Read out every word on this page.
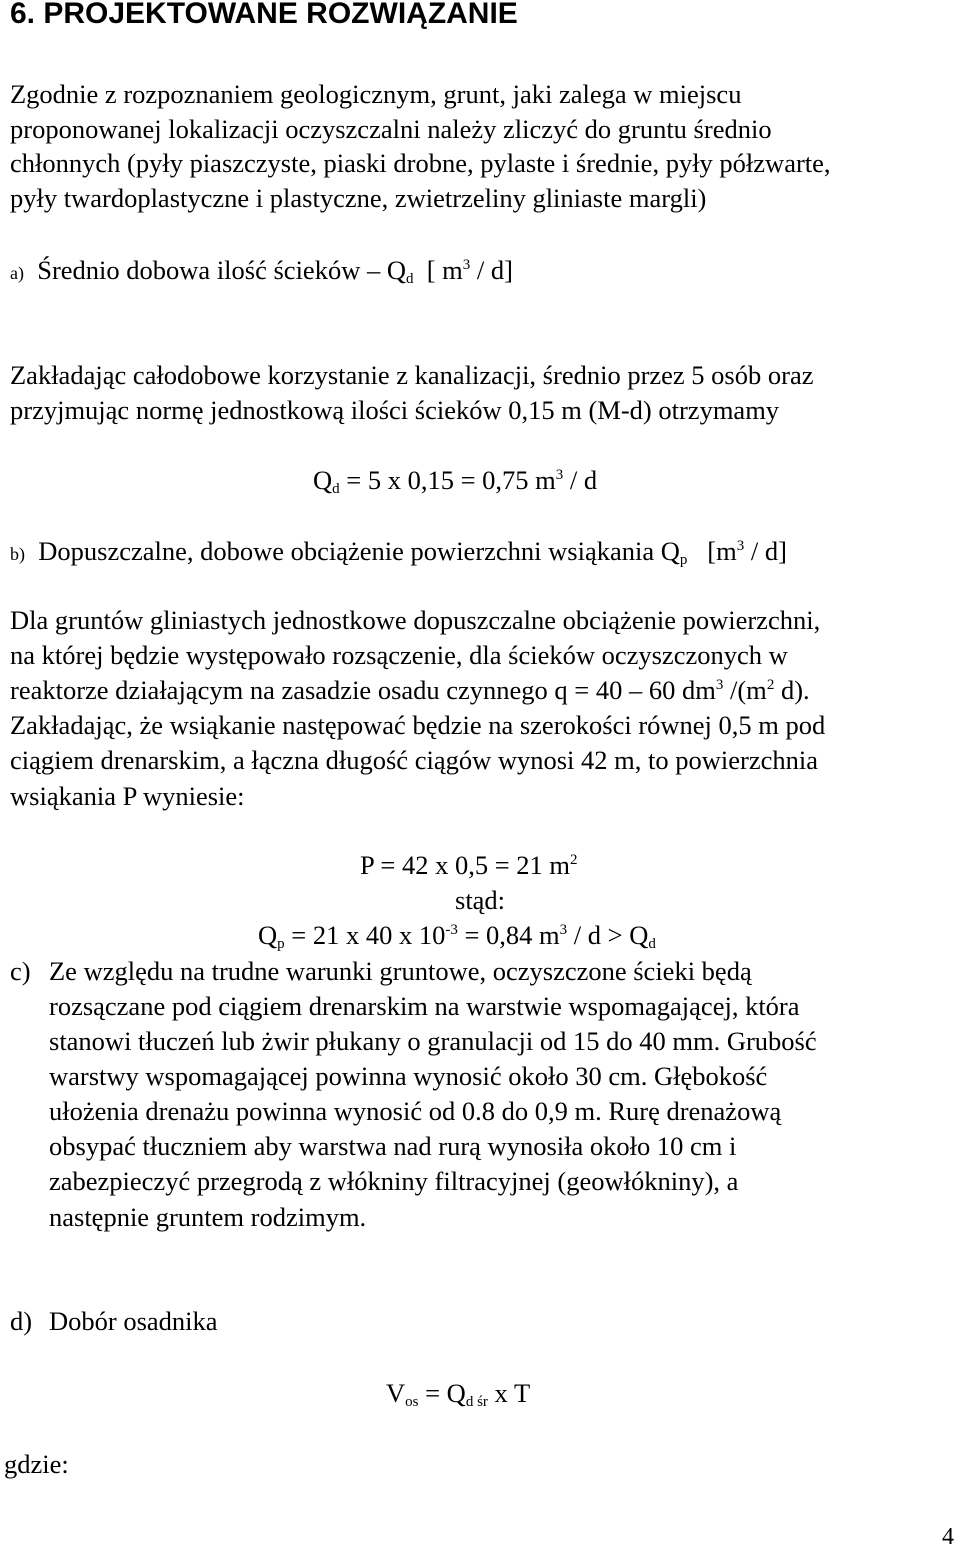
6. PROJEKTOWANE ROZWIĄZANIE
Zgodnie z rozpoznaniem geologicznym, grunt, jaki zalega w miejscu
proponowanej lokalizacji oczyszczalni należy zliczyć do gruntu średnio
chłonnych (pyły piaszczyste, piaski drobne, pylaste i średnie, pyły półzwarte,
pyły twardoplastyczne i plastyczne, zwietrzeliny gliniaste margli)
a) Średnio dobowa ilość ścieków – $Q_d$ [ $m^3 / d$]
Zakładając całodobowe korzystanie z kanalizacji, średnio przez 5 osób oraz
przyjmując normę jednostkową ilości ścieków 0,15 m (M-d) otrzymamy
$Q_d = 5$ x 0,15 = 0,75 $m^3$ / d
b) Dopuszczalne, dobowe obciążenie powierzchni wsiąkania $Q_p$ $[m^3 / d]$
Dla gruntów gliniastych jednostkowe dopuszczalne obciążenie powierzchni,
na której będzie występowało rozsączenie, dla ścieków oczyszczonych w
reaktorze działającym na zasadzie osadu czynnego q = 40 – 60 $dm^3$ $/(m^2$ d).
Zakładając, że wsiąkanie następować będzie na szerokości równej 0,5 m pod
ciągiem drenarskim, a łączna długość ciągów wynosi 42 m, to powierzchnia
wsiąkania P wyniesie:
P = 42 x 0,5 = 21 $m^2$
stąd:
$Q_p = 21$ x 40 x $10^{-3} = 0,84$ $m^3 / d > Q_d$
c) Ze względu na trudne warunki gruntowe, oczyszczone ścieki będą
rozsączane pod ciągiem drenarskim na warstwie wspomagającej, która
stanowi tłuczeń lub żwir płukany o granulacji od 15 do 40 mm. Grubość
warstwy wspomagającej powinna wynosić około 30 cm. Głębokość
ułożenia drenażu powinna wynosić od 0.8 do 0,9 m. Rurę drenażową
obsypać tłuczniem aby warstwa nad rurą wynosiła około 10 cm i
zabezpieczyć przegrodą z włókniny filtracyjnej (geowłókniny), a
następnie gruntem rodzimym.
d) Dobór osadnika
$V_{os} = Q_{d śr}$ x T
gdzie:
4
